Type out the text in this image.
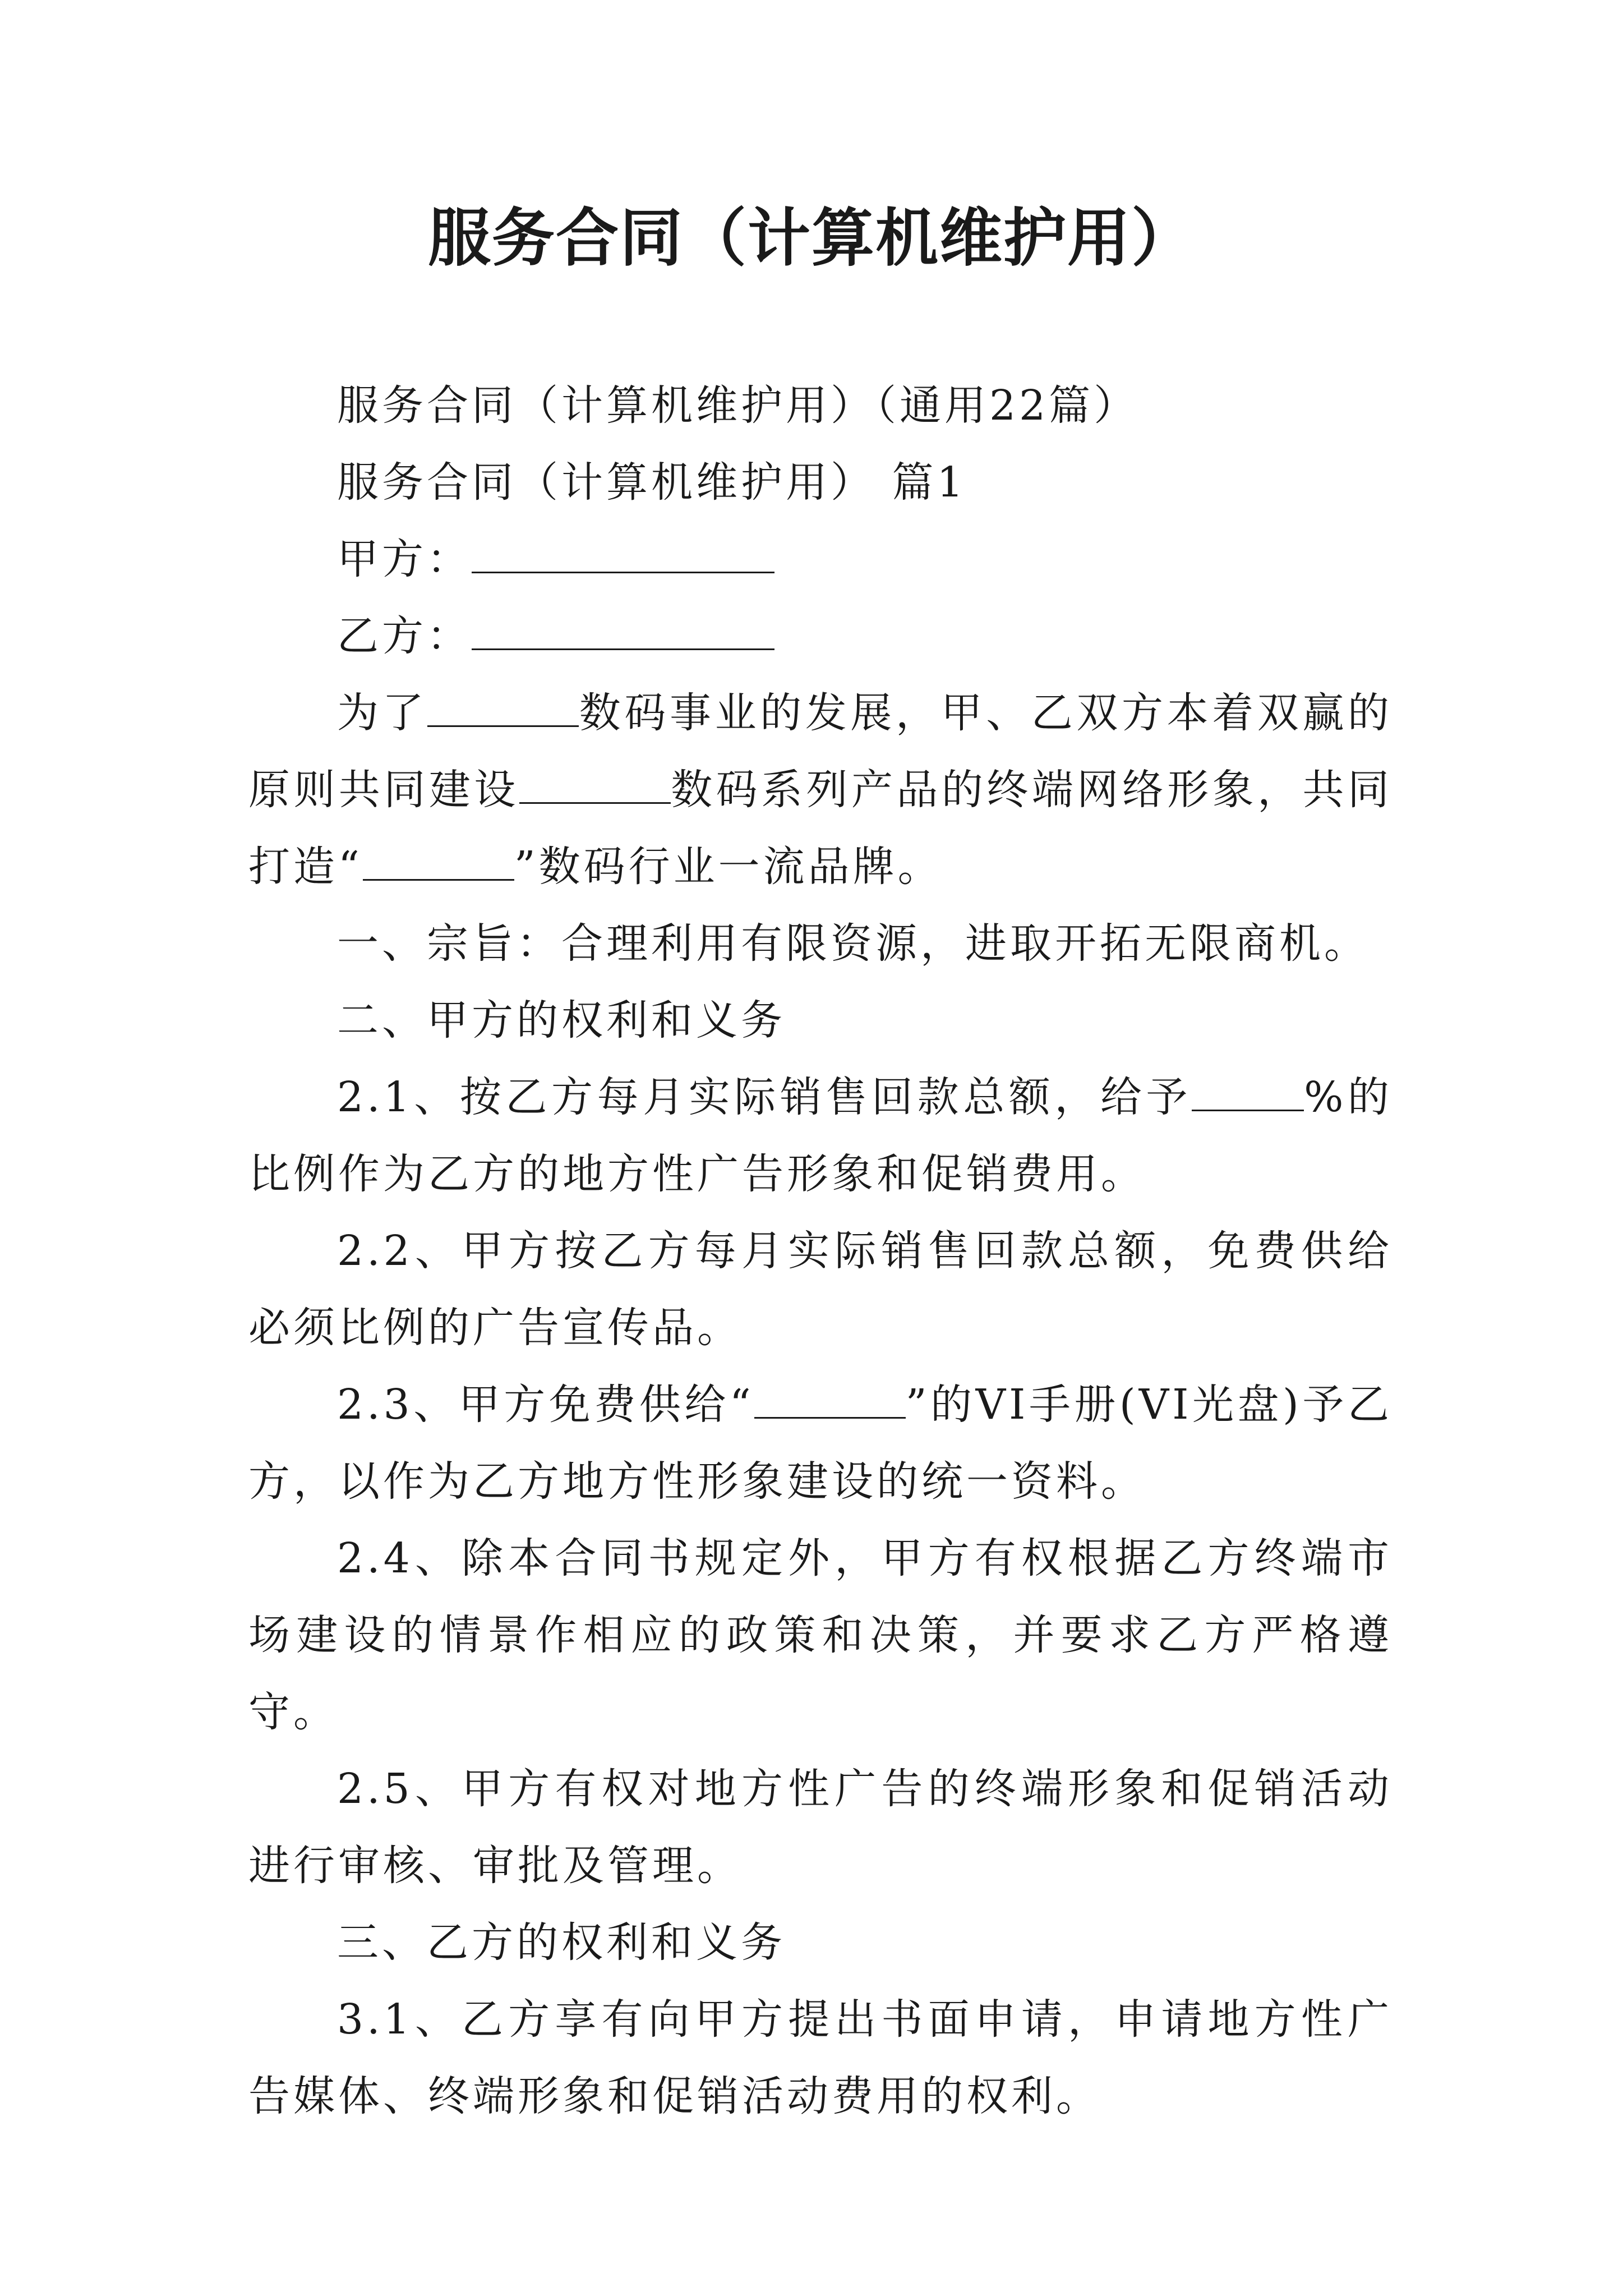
服务合同（计算机维护用）

服务合同（计算机维护用）（通用22篇）

服务合同（计算机维护用） 篇1

甲方：

乙方：

为了	数码事业的发展，甲、乙双方本着双赢的原则共同建设	数码系列产品的终端网络形象，共同打造“	”数码行业一流品牌。

一、宗旨：合理利用有限资源，进取开拓无限商机。

二、甲方的权利和义务

2.1、按乙方每月实际销售回款总额，给予	%的比例作为乙方的地方性广告形象和促销费用。

2.2、甲方按乙方每月实际销售回款总额，免费供给必须比例的广告宣传品。

2.3、甲方免费供给“	”的VI手册(VI光盘)予乙方，以作为乙方地方性形象建设的统一资料。

2.4、除本合同书规定外，甲方有权根据乙方终端市场建设的情景作相应的政策和决策，并要求乙方严格遵守。

2.5、甲方有权对地方性广告的终端形象和促销活动进行审核、审批及管理。

三、乙方的权利和义务

3.1、乙方享有向甲方提出书面申请，申请地方性广告媒体、终端形象和促销活动费用的权利。
